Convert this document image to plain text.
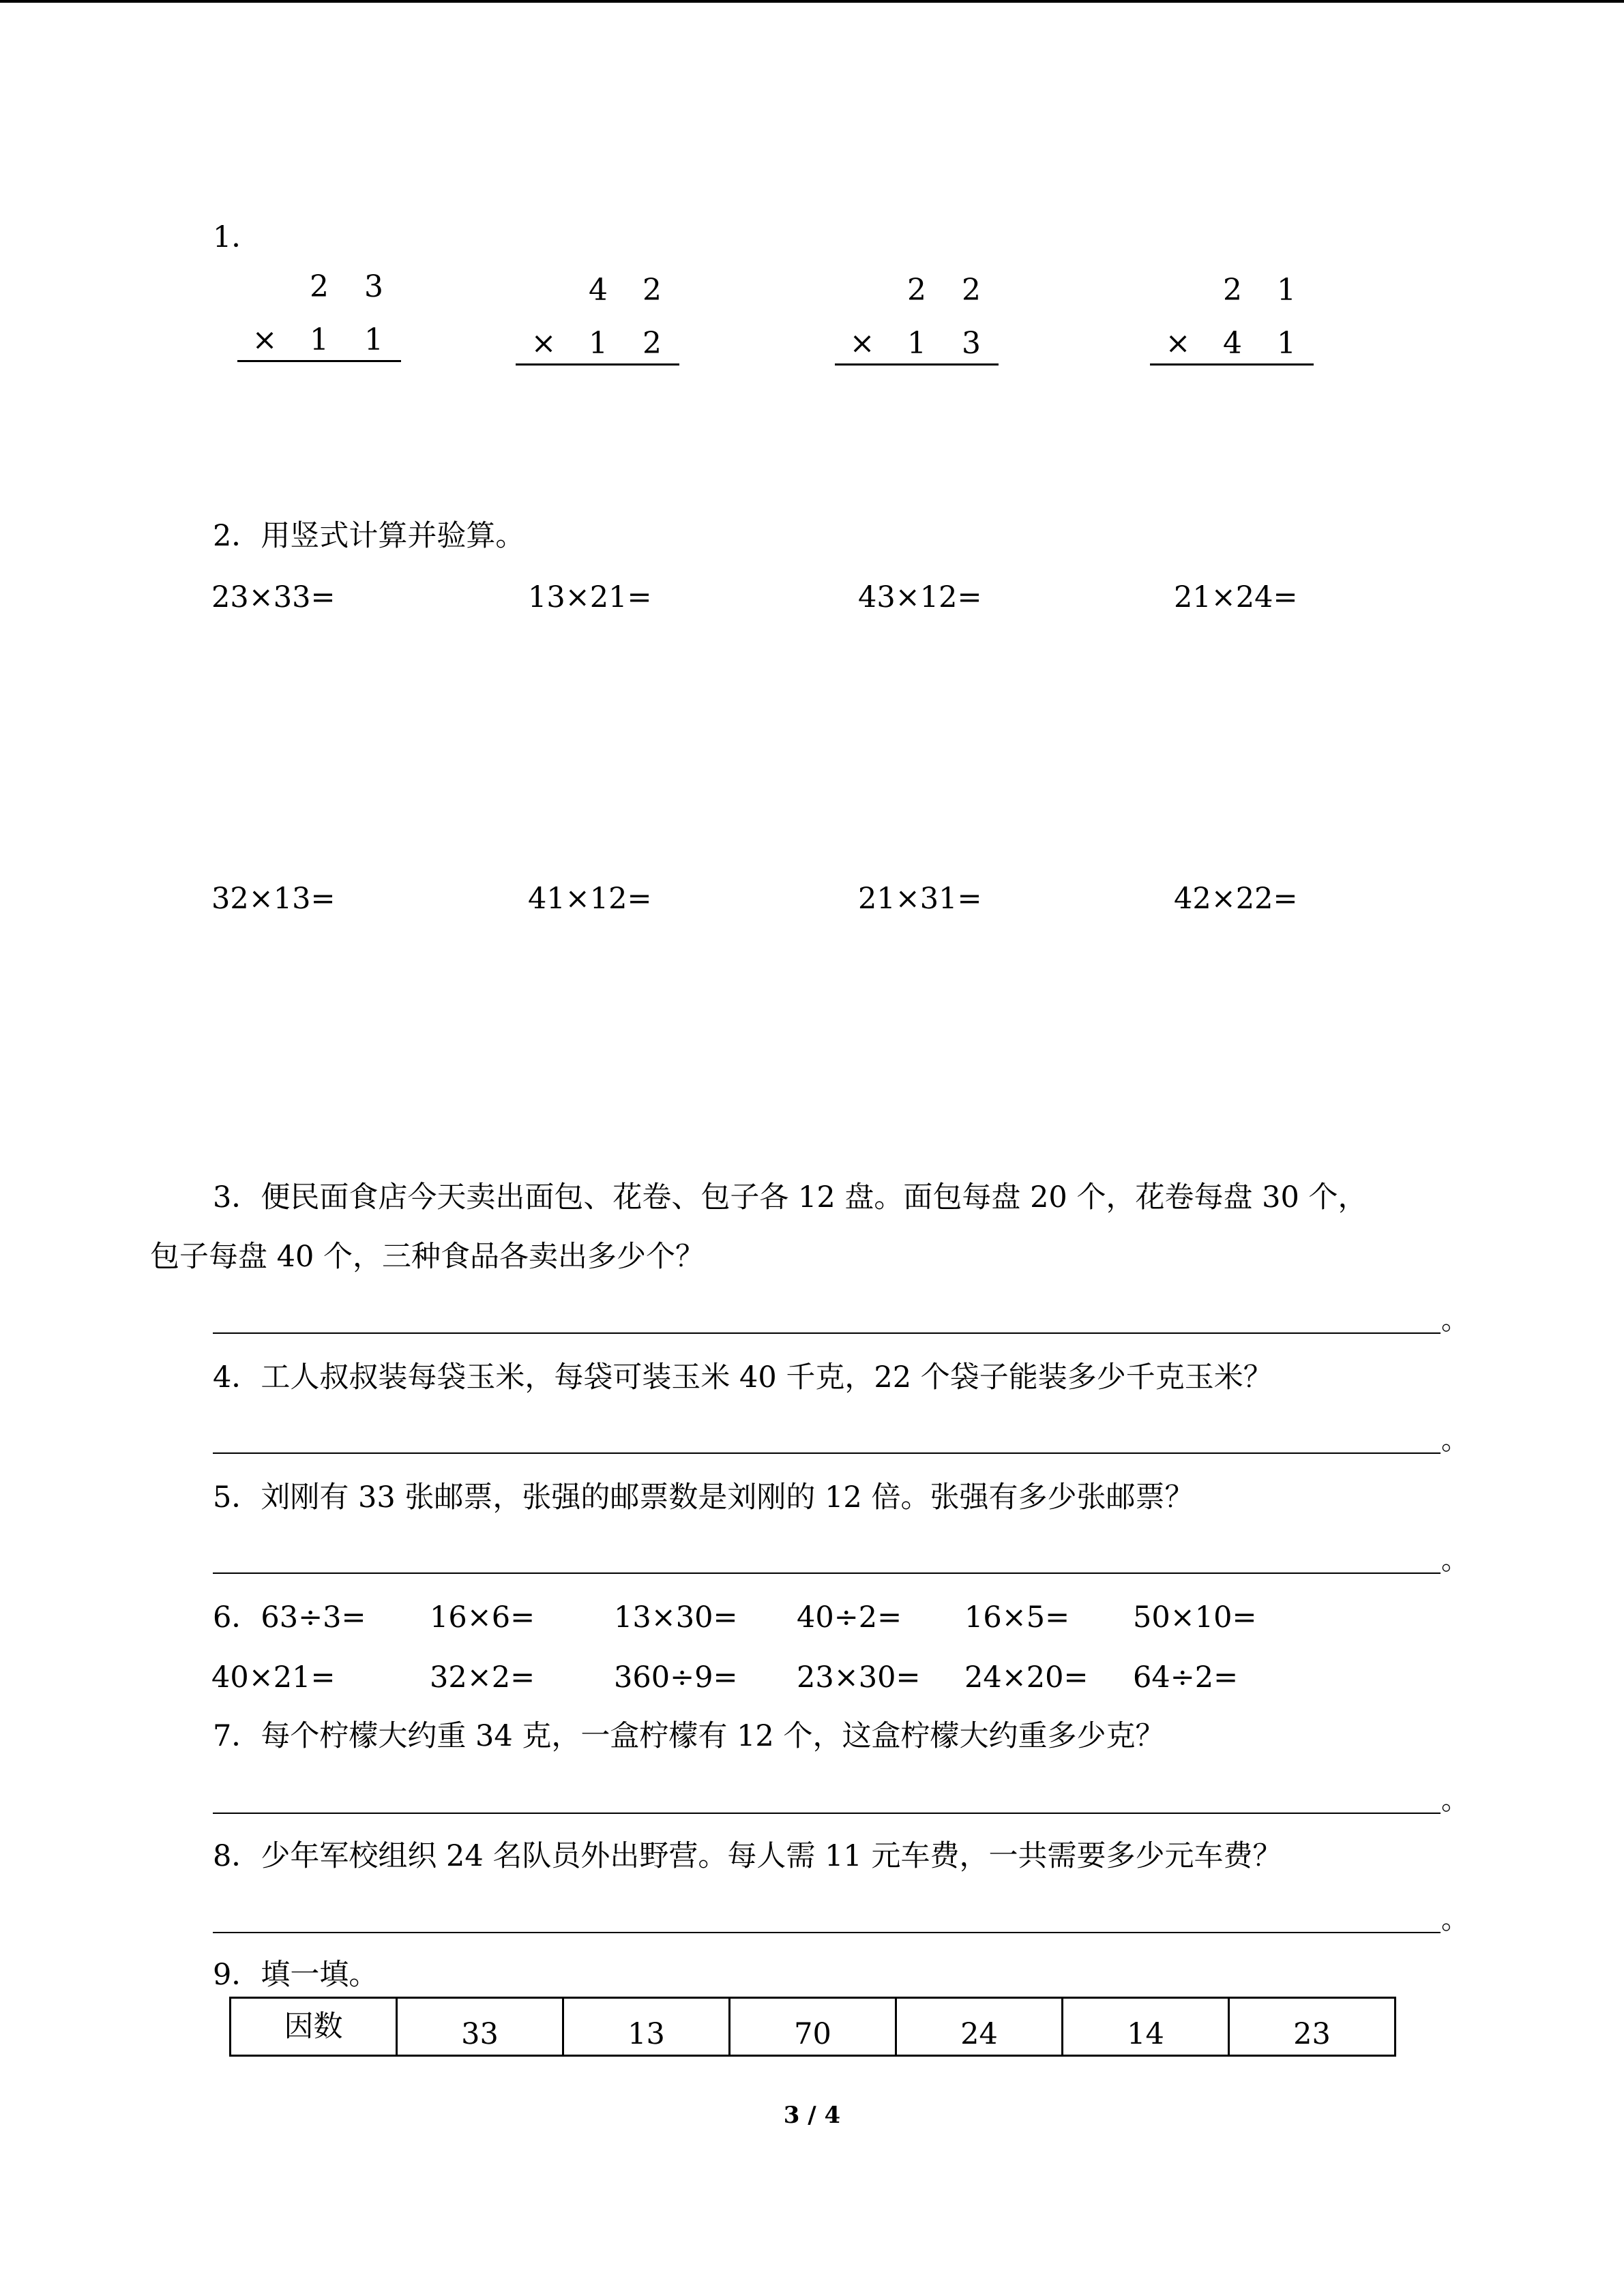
1．
2 3
× 1 1
4 2
× 1 2
2 2
× 1 3
2 1
× 4 1
2．用竖式计算并验算。
23×33=	13×21=	43×12=	21×24=
32×13=	41×12=	21×31=	42×22=
3．便民面食店今天卖出面包、花卷、包子各 12 盘。面包每盘 20 个，花卷每盘 30 个，
包子每盘 40 个，三种食品各卖出多少个？
。
4．工人叔叔装每袋玉米，每袋可装玉米 40 千克，22 个袋子能装多少千克玉米？
。
5．刘刚有 33 张邮票，张强的邮票数是刘刚的 12 倍。张强有多少张邮票？
。
6．63÷3= 16×6=	13×30= 40÷2= 16×5= 50×10=
40×21=	32×2=	360÷9= 23×30= 24×20= 64÷2=
7．每个柠檬大约重 34 克，一盒柠檬有 12 个，这盒柠檬大约重多少克？
。
8．少年军校组织 24 名队员外出野营。每人需 11 元车费，一共需要多少元车费？
。
9．填一填。
因数	33	13	70	24	14	23
3 / 4
